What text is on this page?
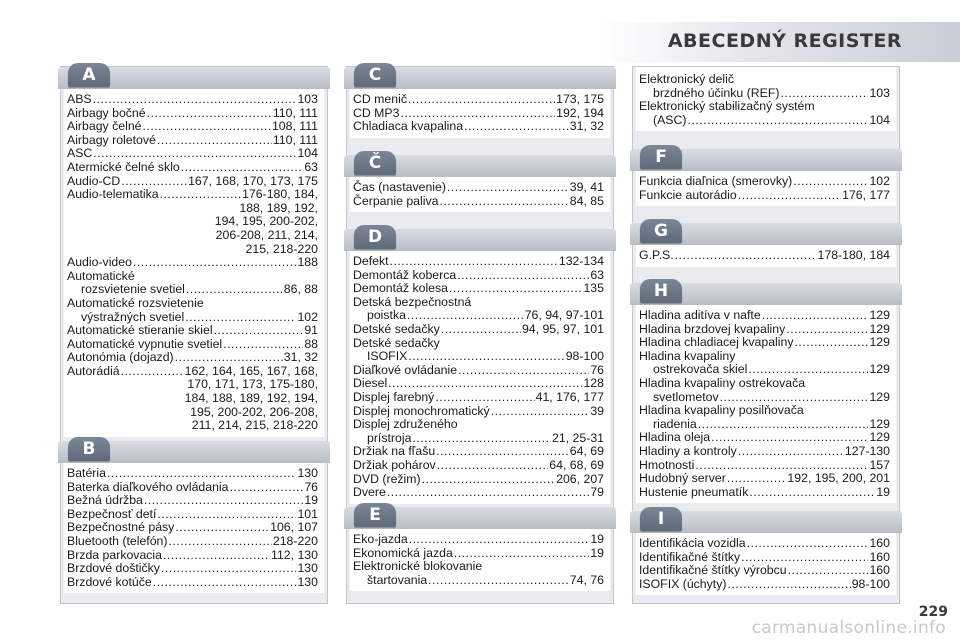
ABECEDNÝ REGISTER
A
ABS .....	103
Airbagy bočné .....	110, 111
Airbagy čelné .....	108, 111
Airbagy roletové .....	110, 111
ASC .....	104
Atermické čelné sklo .....	63
Audio-CD .....	167, 168, 170, 173, 175
Audio-telematika .....	176-180, 184,
188, 189, 192,
194, 195, 200-202,
206-208, 211, 214,
215, 218-220
Audio-video .....	188
Automatické
rozsvietenie svetiel .....	86, 88
Automatické rozsvietenie
výstražných svetiel .....	102
Automatické stieranie skiel .....	91
Automatické vypnutie svetiel .....	88
Autonómia (dojazd) .....	31, 32
Autorádiá .....	162, 164, 165, 167, 168,
170, 171, 173, 175-180,
184, 188, 189, 192, 194,
195, 200-202, 206-208,
211, 214, 215, 218-220
B
Batéria .....	130
Baterka diaľkového ovládania .....	76
Bežná údržba .....	19
Bezpečnosť detí .....	101
Bezpečnostné pásy .....	106, 107
Bluetooth (telefón) .....	218-220
Brzda parkovacia .....	112, 130
Brzdové doštičky .....	130
Brzdové kotúče .....	130
C
CD menič .....	173, 175
CD MP3 .....	192, 194
Chladiaca kvapalina .....	31, 32
Č
Čas (nastavenie) .....	39, 41
Čerpanie paliva .....	84, 85
D
Defekt .....	132-134
Demontáž koberca .....	63
Demontáž kolesa .....	135
Detská bezpečnostná
poistka .....	76, 94, 97-101
Detské sedačky .....	94, 95, 97, 101
Detské sedačky
ISOFIX .....	98-100
Diaľkové ovládanie .....	76
Diesel .....	128
Displej farebný .....	41, 176, 177
Displej monochromatický .....	39
Displej združeného
prístroja .....	21, 25-31
Držiak na fľašu .....	64, 69
Držiak pohárov .....	64, 68, 69
DVD (režim) .....	206, 207
Dvere .....	79
E
Eko-jazda .....	19
Ekonomická jazda .....	19
Elektronické blokovanie
štartovania .....	74, 76
Elektronický delič
brzdného účinku (REF) .....	103
Elektronický stabilizačný systém
(ASC) .....	104
F
Funkcia diaľnica (smerovky) .....	102
Funkcie autorádio .....	176, 177
G
G.P.S. .....	178-180, 184
H
Hladina aditíva v nafte .....	129
Hladina brzdovej kvapaliny .....	129
Hladina chladiacej kvapaliny .....	129
Hladina kvapaliny
ostrekovača skiel .....	129
Hladina kvapaliny ostrekovača
svetlometov .....	129
Hladina kvapaliny posilňovača
riadenia .....	129
Hladina oleja .....	129
Hladiny a kontroly .....	127-130
Hmotnosti .....	157
Hudobný server .....	192, 195, 200, 201
Hustenie pneumatík .....	19
I
Identifikácia vozidla .....	160
Identifikačné štítky .....	160
Identifikačné štítky výrobcu .....	160
ISOFIX (úchyty) .....	98-100
229
carmanualsonline.info
